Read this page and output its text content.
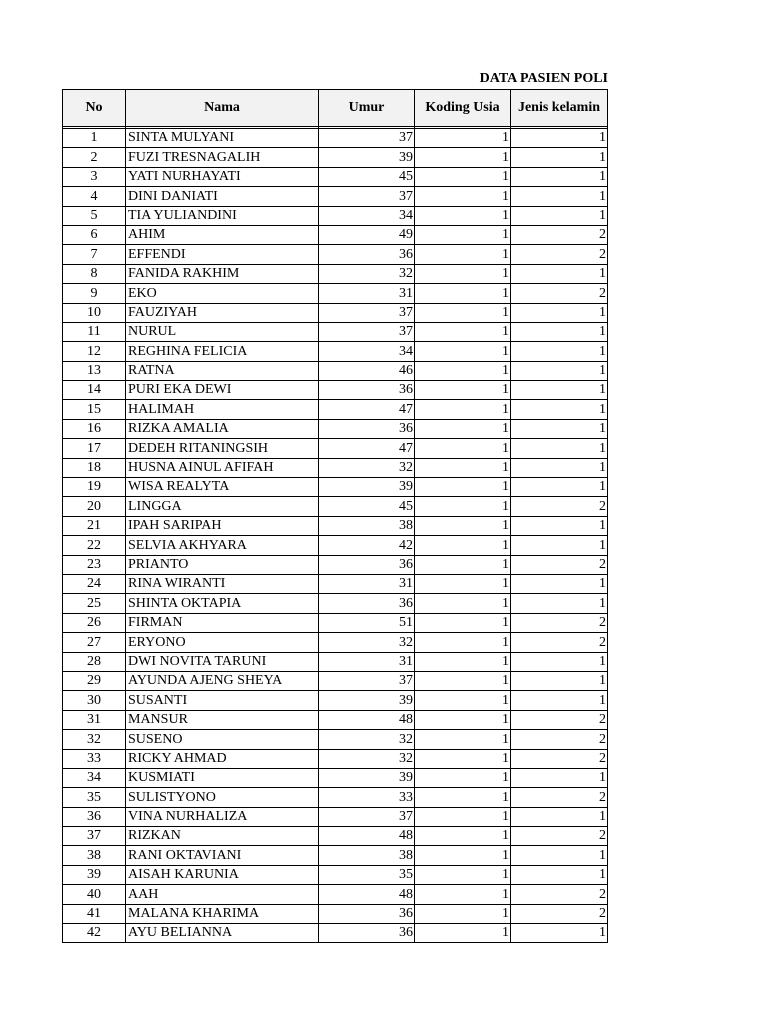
DATA PASIEN POLI
No	Nama	Umur	Koding Usia	Jenis kelamin

1	SINTA MULYANI	37	1	1
2	FUZI TRESNAGALIH	39	1	1
3	YATI NURHAYATI	45	1	1
4	DINI DANIATI	37	1	1
5	TIA YULIANDINI	34	1	1
6	AHIM	49	1	2
7	EFFENDI	36	1	2
8	FANIDA RAKHIM	32	1	1
9	EKO	31	1	2
10	FAUZIYAH	37	1	1
11	NURUL	37	1	1
12	REGHINA FELICIA	34	1	1
13	RATNA	46	1	1
14	PURI EKA DEWI	36	1	1
15	HALIMAH	47	1	1
16	RIZKA AMALIA	36	1	1
17	DEDEH RITANINGSIH	47	1	1
18	HUSNA AINUL AFIFAH	32	1	1
19	WISA REALYTA	39	1	1
20	LINGGA	45	1	2
21	IPAH SARIPAH	38	1	1
22	SELVIA AKHYARA	42	1	1
23	PRIANTO	36	1	2
24	RINA WIRANTI	31	1	1
25	SHINTA OKTAPIA	36	1	1
26	FIRMAN	51	1	2
27	ERYONO	32	1	2
28	DWI NOVITA TARUNI	31	1	1
29	AYUNDA AJENG SHEYA	37	1	1
30	SUSANTI	39	1	1
31	MANSUR	48	1	2
32	SUSENO	32	1	2
33	RICKY AHMAD	32	1	2
34	KUSMIATI	39	1	1
35	SULISTYONO	33	1	2
36	VINA NURHALIZA	37	1	1
37	RIZKAN	48	1	2
38	RANI OKTAVIANI	38	1	1
39	AISAH KARUNIA	35	1	1
40	AAH	48	1	2
41	MALANA KHARIMA	36	1	2
42	AYU BELIANNA	36	1	1
